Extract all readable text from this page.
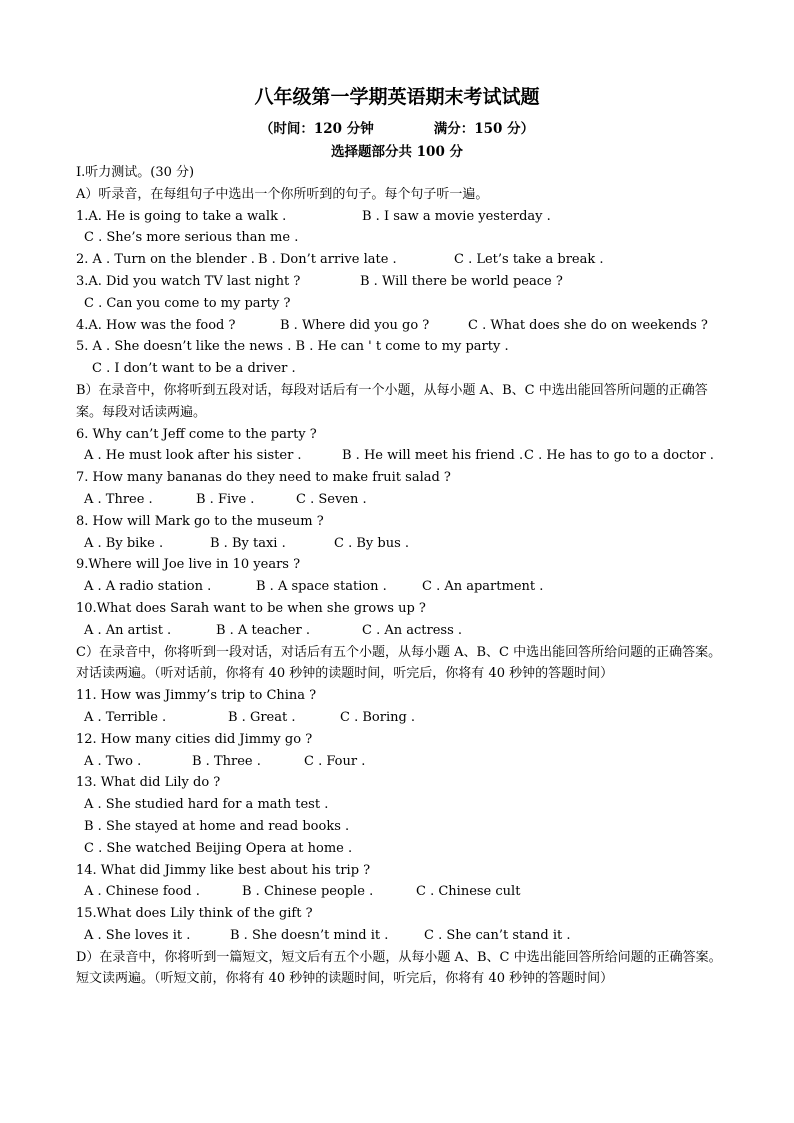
八年级第一学期英语期末考试试题
（时间：120 分钟	满分：150 分）
选择题部分共 100 分
I.听力测试。(30 分)
A）听录音，在每组句子中选出一个你所听到的句子。每个句子听一遍。
1.A. He is going to take a walk .	B . I saw a movie yesterday .
C . She’s more serious than me .
2. A . Turn on the blender . B . Don’t arrive late .	C . Let’s take a break .
3.A. Did you watch TV last night ?	B . Will there be world peace ?
C . Can you come to my party ?
4.A. How was the food ?	B . Where did you go ?	C . What does she do on weekends ?
5. A . She doesn’t like the news . B . He can ' t come to my party .
C . I don’t want to be a driver .
B）在录音中，你将听到五段对话，每段对话后有一个小题，从每小题 A、B、C 中选出能回答所问题的正确答案。每段对话读两遍。
6. Why can’t Jeff come to the party ?
A . He must look after his sister .	B . He will meet his friend .C . He has to go to a doctor .
7. How many bananas do they need to make fruit salad ?
A . Three .	B . Five .	C . Seven .
8. How will Mark go to the museum ?
A . By bike .	B . By taxi .	C . By bus .
9.Where will Joe live in 10 years ?
A . A radio station .	B . A space station .	C . An apartment .
10.What does Sarah want to be when she grows up ?
A . An artist .	B . A teacher .	C . An actress .
C）在录音中，你将听到一段对话，对话后有五个小题，从每小题 A、B、C 中选出能回答所给问题的正确答案。对话读两遍。（听对话前，你将有 40 秒钟的读题时间，听完后，你将有 40 秒钟的答题时间）
11. How was Jimmy’s trip to China ?
A . Terrible .	B . Great .	C . Boring .
12. How many cities did Jimmy go ?
A . Two .	B . Three .	C . Four .
13. What did Lily do ?
A . She studied hard for a math test .
B . She stayed at home and read books .
C . She watched Beijing Opera at home .
14. What did Jimmy like best about his trip ?
A . Chinese food .	B . Chinese people .	C . Chinese cult
15.What does Lily think of the gift ?
A . She loves it .	B . She doesn’t mind it .	C . She can’t stand it .
D）在录音中，你将听到一篇短文，短文后有五个小题，从每小题 A、B、C 中选出能回答所给问题的正确答案。短文读两遍。（听短文前，你将有 40 秒钟的读题时间，听完后，你将有 40 秒钟的答题时间）
